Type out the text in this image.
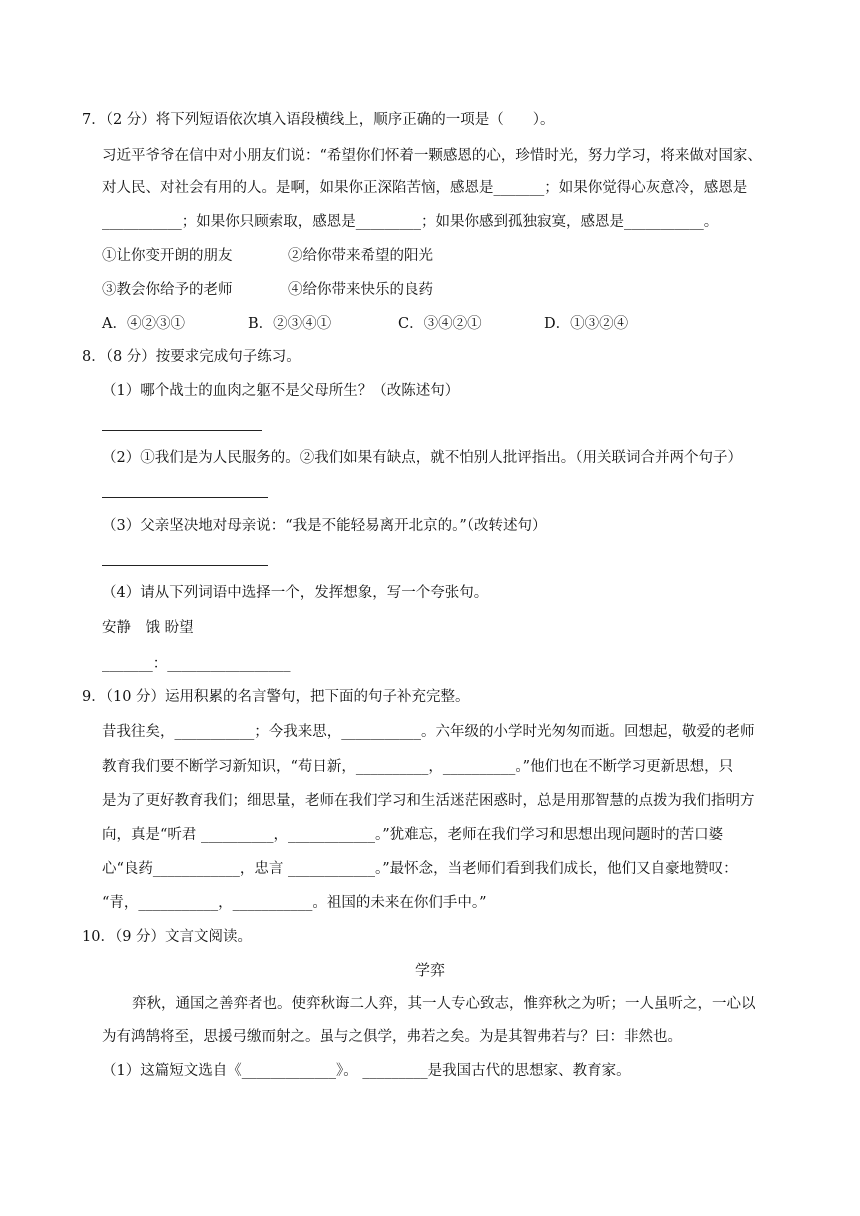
7．（2 分）将下列短语依次填入语段横线上，顺序正确的一项是（　　）。
习近平爷爷在信中对小朋友们说：“希望你们怀着一颗感恩的心，珍惜时光，努力学习，将来做对国家、
对人民、对社会有用的人。是啊，如果你正深陷苦恼，感恩是_______；如果你觉得心灰意冷，感恩是
___________；如果你只顾索取，感恩是_________；如果你感到孤独寂寞，感恩是___________。
①让你变开朗的朋友	②给你带来希望的阳光
③教会你给予的老师	④给你带来快乐的良药
A．④②③①	B．②③④①	C．③④②①	D．①③②④
8．（8 分）按要求完成句子练习。
（1）哪个战士的血肉之躯不是父母所生？（改陈述句）
（2）①我们是为人民服务的。②我们如果有缺点，就不怕别人批评指出。（用关联词合并两个句子）
（3）父亲坚决地对母亲说：“我是不能轻易离开北京的。”（改转述句）
（4）请从下列词语中选择一个，发挥想象，写一个夸张句。
安静　饿 盼望
_______：_________________
9．（10 分）运用积累的名言警句，把下面的句子补充完整。
昔我往矣，___________；今我来思，___________。六年级的小学时光匆匆而逝。回想起，敬爱的老师
教育我们要不断学习新知识，“苟日新，__________，__________。”他们也在不断学习更新思想，只
是为了更好教育我们；细思量，老师在我们学习和生活迷茫困惑时，总是用那智慧的点拨为我们指明方
向，真是“听君 __________，____________。”犹难忘，老师在我们学习和思想出现问题时的苦口婆
心“良药____________，忠言 ____________。”最怀念，当老师们看到我们成长，他们又自豪地赞叹：
“青，___________，___________。祖国的未来在你们手中。”
10．（9 分）文言文阅读。
学弈
弈秋，通国之善弈者也。使弈秋诲二人弈，其一人专心致志，惟弈秋之为听；一人虽听之，一心以
为有鸿鹄将至，思援弓缴而射之。虽与之俱学，弗若之矣。为是其智弗若与？曰：非然也。
（1）这篇短文选自《_____________》。 _________是我国古代的思想家、教育家。
